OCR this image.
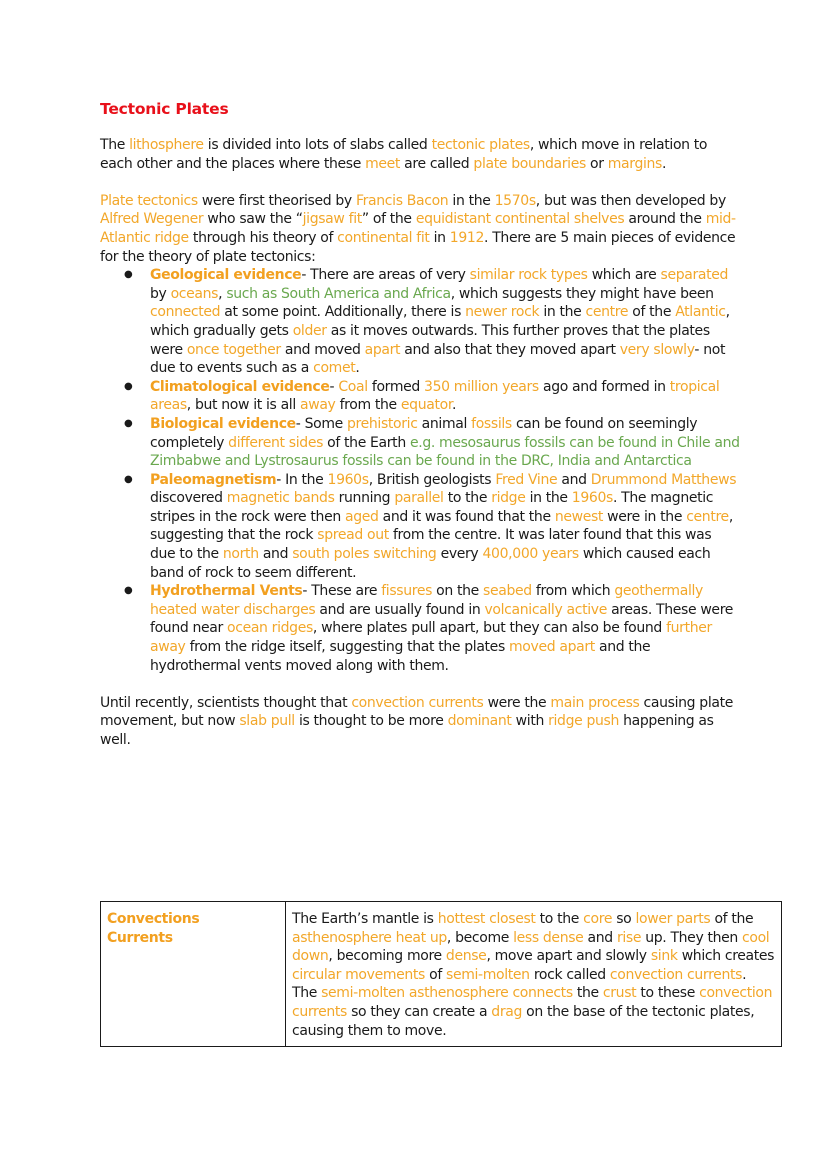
Tectonic Plates

The lithosphere is divided into lots of slabs called tectonic plates, which move in relation to each other and the places where these meet are called plate boundaries or margins.

Plate tectonics were first theorised by Francis Bacon in the 1570s, but was then developed by Alfred Wegener who saw the “jigsaw fit” of the equidistant continental shelves around the mid-Atlantic ridge through his theory of continental fit in 1912. There are 5 main pieces of evidence for the theory of plate tectonics:

● Geological evidence- There are areas of very similar rock types which are separated by oceans, such as South America and Africa, which suggests they might have been connected at some point. Additionally, there is newer rock in the centre of the Atlantic, which gradually gets older as it moves outwards. This further proves that the plates were once together and moved apart and also that they moved apart very slowly- not due to events such as a comet.
● Climatological evidence- Coal formed 350 million years ago and formed in tropical areas, but now it is all away from the equator.
● Biological evidence- Some prehistoric animal fossils can be found on seemingly completely different sides of the Earth e.g. mesosaurus fossils can be found in Chile and Zimbabwe and Lystrosaurus fossils can be found in the DRC, India and Antarctica
● Paleomagnetism- In the 1960s, British geologists Fred Vine and Drummond Matthews discovered magnetic bands running parallel to the ridge in the 1960s. The magnetic stripes in the rock were then aged and it was found that the newest were in the centre, suggesting that the rock spread out from the centre. It was later found that this was due to the north and south poles switching every 400,000 years which caused each band of rock to seem different.
● Hydrothermal Vents- These are fissures on the seabed from which geothermally heated water discharges and are usually found in volcanically active areas. These were found near ocean ridges, where plates pull apart, but they can also be found further away from the ridge itself, suggesting that the plates moved apart and the hydrothermal vents moved along with them.

Until recently, scientists thought that convection currents were the main process causing plate movement, but now slab pull is thought to be more dominant with ridge push happening as well.

Convections
Currents	The Earth’s mantle is hottest closest to the core so lower parts of the asthenosphere heat up, become less dense and rise up. They then cool down, becoming more dense, move apart and slowly sink which creates circular movements of semi-molten rock called convection currents. The semi-molten asthenosphere connects the crust to these convection currents so they can create a drag on the base of the tectonic plates, causing them to move.
